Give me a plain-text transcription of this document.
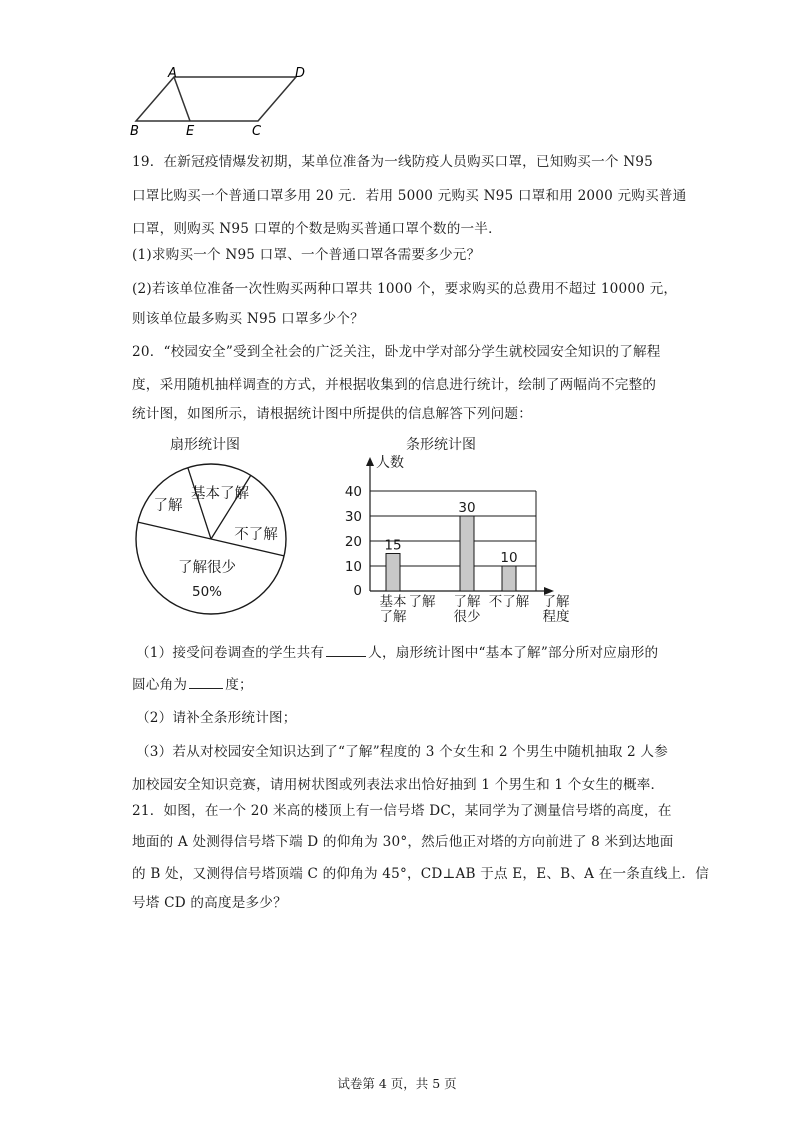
A	D
B	E	C
19．在新冠疫情爆发初期，某单位准备为一线防疫人员购买口罩，已知购买一个 N95
口罩比购买一个普通口罩多用 20 元．若用 5000 元购买 N95 口罩和用 2000 元购买普通
口罩，则购买 N95 口罩的个数是购买普通口罩个数的一半．
(1)求购买一个 N95 口罩、一个普通口罩各需要多少元？
(2)若该单位准备一次性购买两种口罩共 1000 个，要求购买的总费用不超过 10000 元，
则该单位最多购买 N95 口罩多少个？
20．“校园安全”受到全社会的广泛关注，卧龙中学对部分学生就校园安全知识的了解程
度，采用随机抽样调查的方式，并根据收集到的信息进行统计，绘制了两幅尚不完整的
统计图，如图所示，请根据统计图中所提供的信息解答下列问题：
扇形统计图
基本了解
了解
不了解
了解很少
50%
条形统计图
0
10
20
30
40
人数
15
基本
了解
了解
30
了解
很少
10
不了解 了解
程度
（1）接受问卷调查的学生共有	人，扇形统计图中“基本了解”部分所对应扇形的
圆心角为	度；
（2）请补全条形统计图；
（3）若从对校园安全知识达到了“了解”程度的 3 个女生和 2 个男生中随机抽取 2 人参
加校园安全知识竞赛，请用树状图或列表法求出恰好抽到 1 个男生和 1 个女生的概率．
21．如图，在一个 20 米高的楼顶上有一信号塔 DC，某同学为了测量信号塔的高度，在
地面的 A 处测得信号塔下端 D 的仰角为 30°，然后他正对塔的方向前进了 8 米到达地面
的 B 处，又测得信号塔顶端 C 的仰角为 45°，CD⊥AB 于点 E，E、B、A 在一条直线上．信
号塔 CD 的高度是多少？
试卷第 4 页，共 5 页
